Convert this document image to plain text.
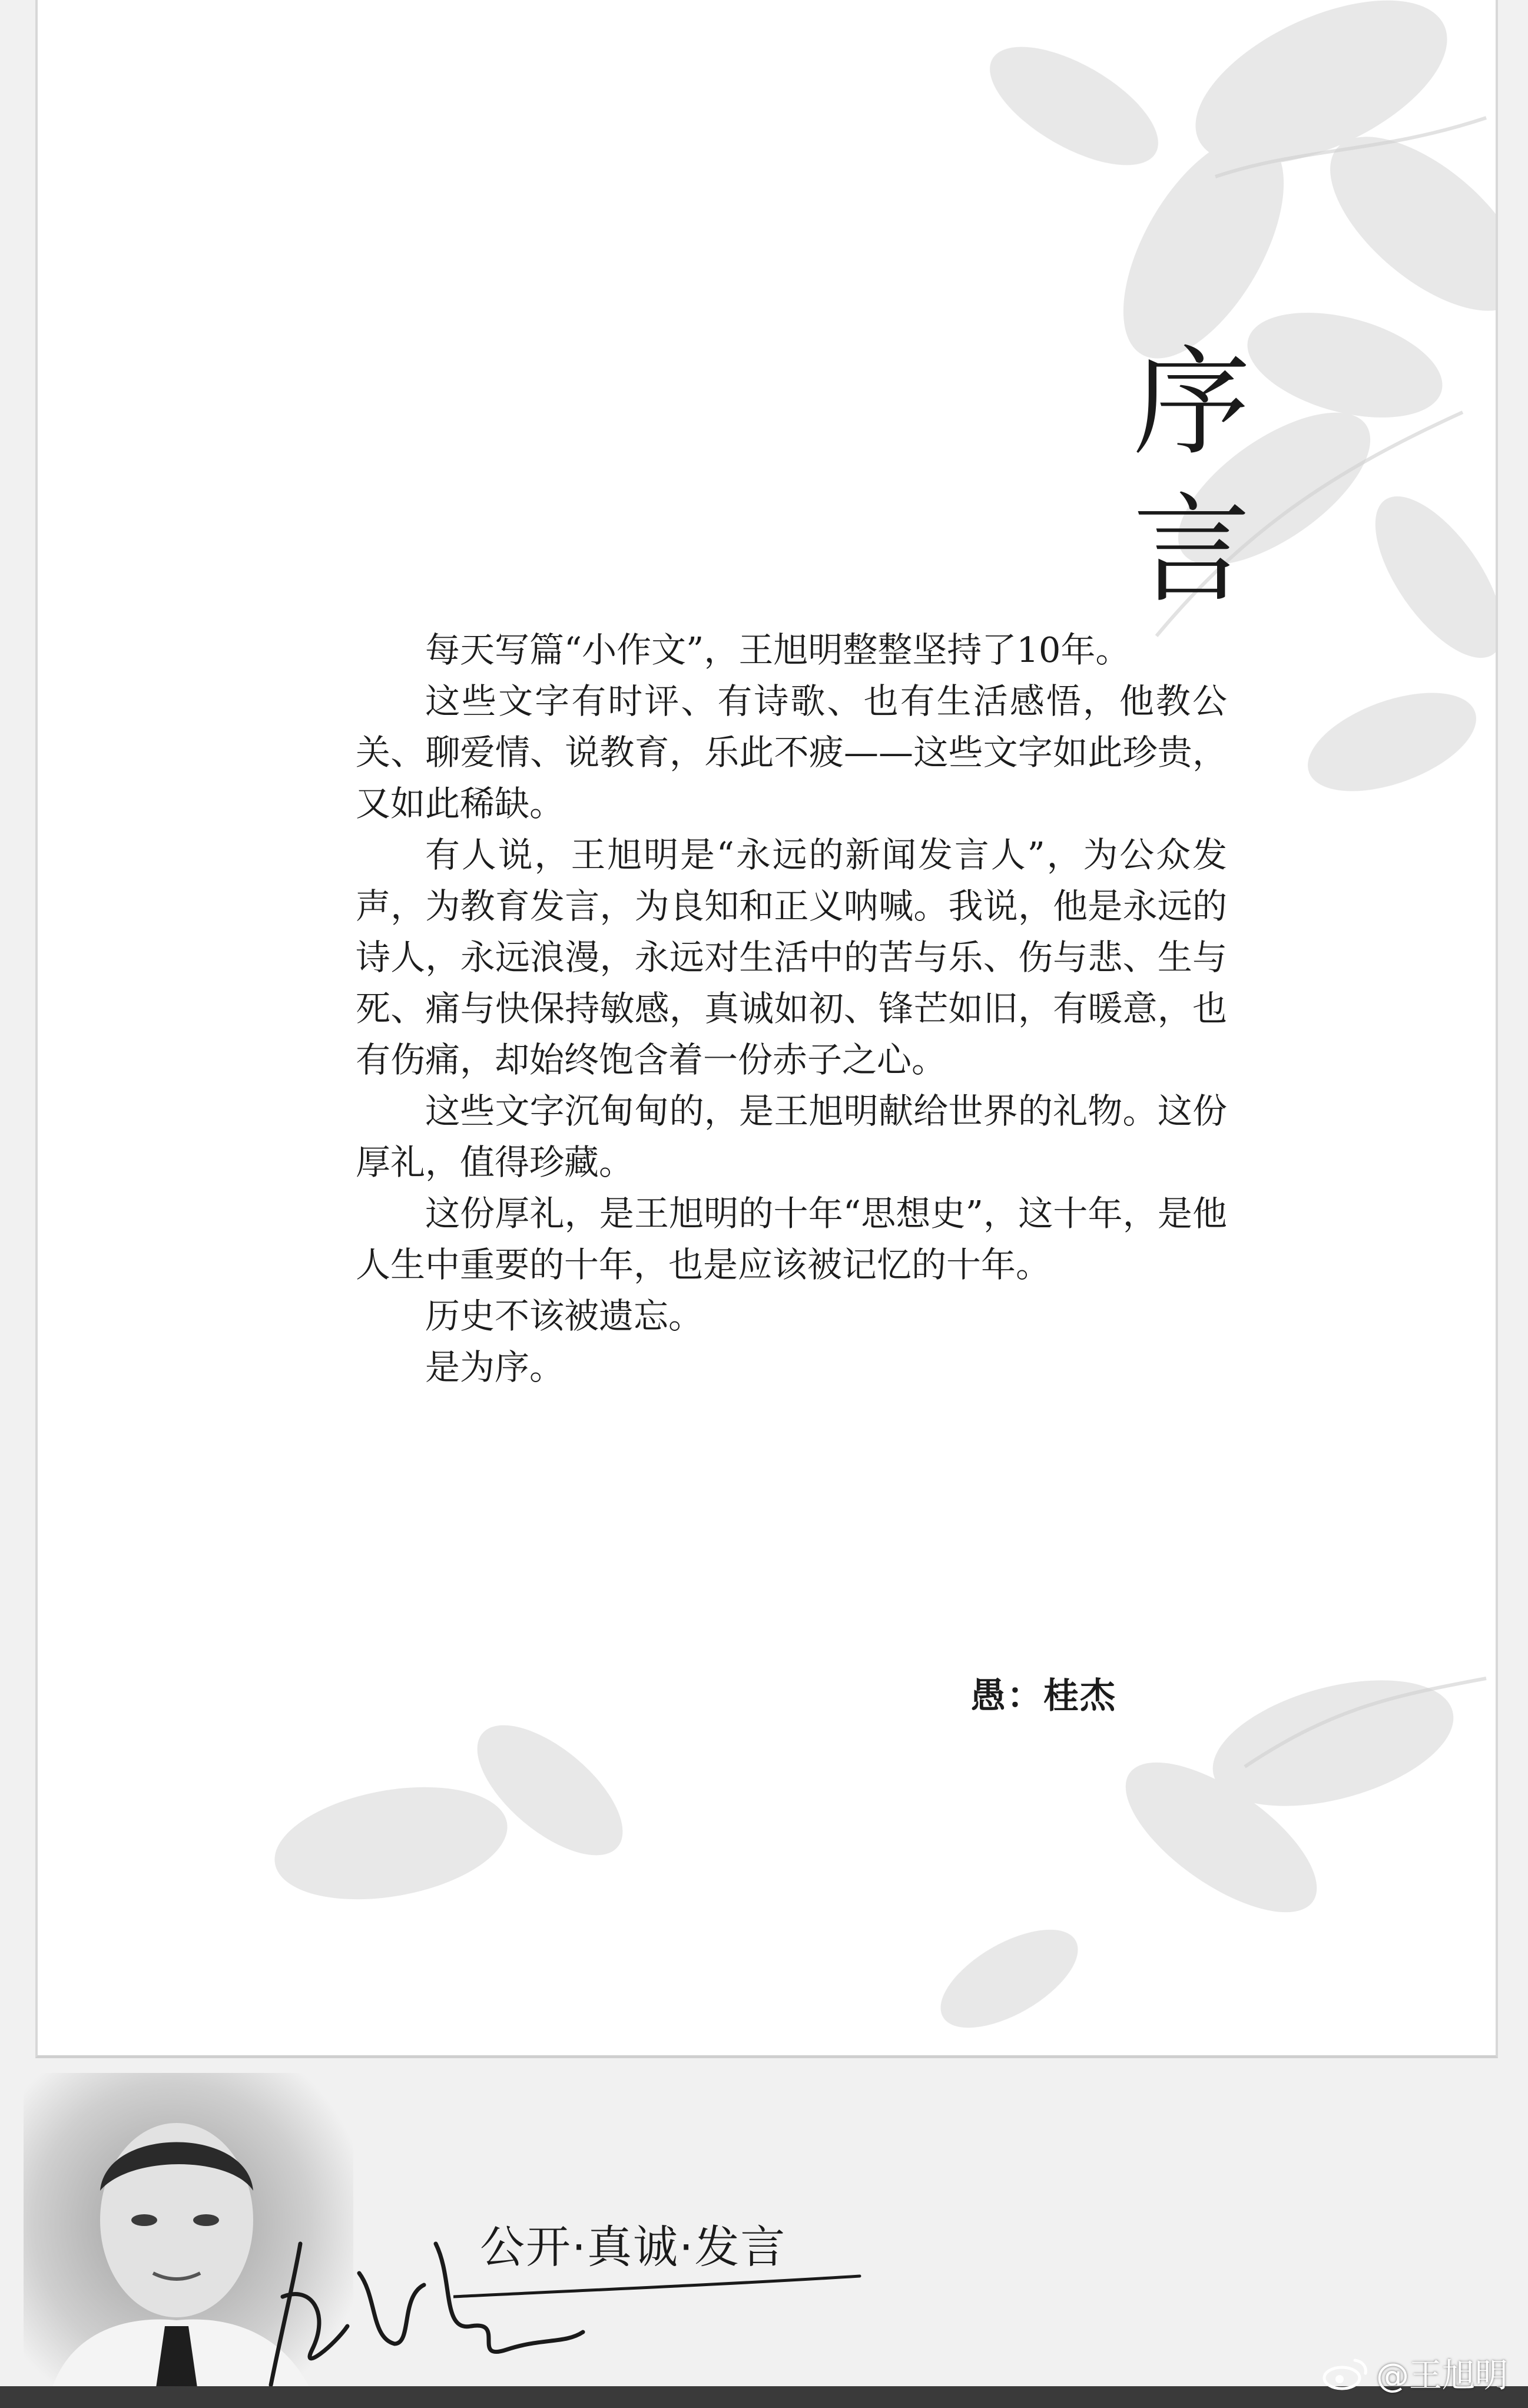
序
言

每天写篇“小作文”，王旭明整整坚持了10年。

这些文字有时评、有诗歌、也有生活感悟，他教公关、聊爱情、说教育，乐此不疲——这些文字如此珍贵，又如此稀缺。

有人说，王旭明是“永远的新闻发言人”，为公众发声，为教育发言，为良知和正义呐喊。我说，他是永远的诗人，永远浪漫，永远对生活中的苦与乐、伤与悲、生与死、痛与快保持敏感，真诚如初、锋芒如旧，有暖意，也有伤痛，却始终饱含着一份赤子之心。

这些文字沉甸甸的，是王旭明献给世界的礼物。这份厚礼，值得珍藏。

这份厚礼，是王旭明的十年“思想史”，这十年，是他人生中重要的十年，也是应该被记忆的十年。

历史不该被遗忘。

是为序。

愚：桂杰
公开·真诚·发言
@王旭明
